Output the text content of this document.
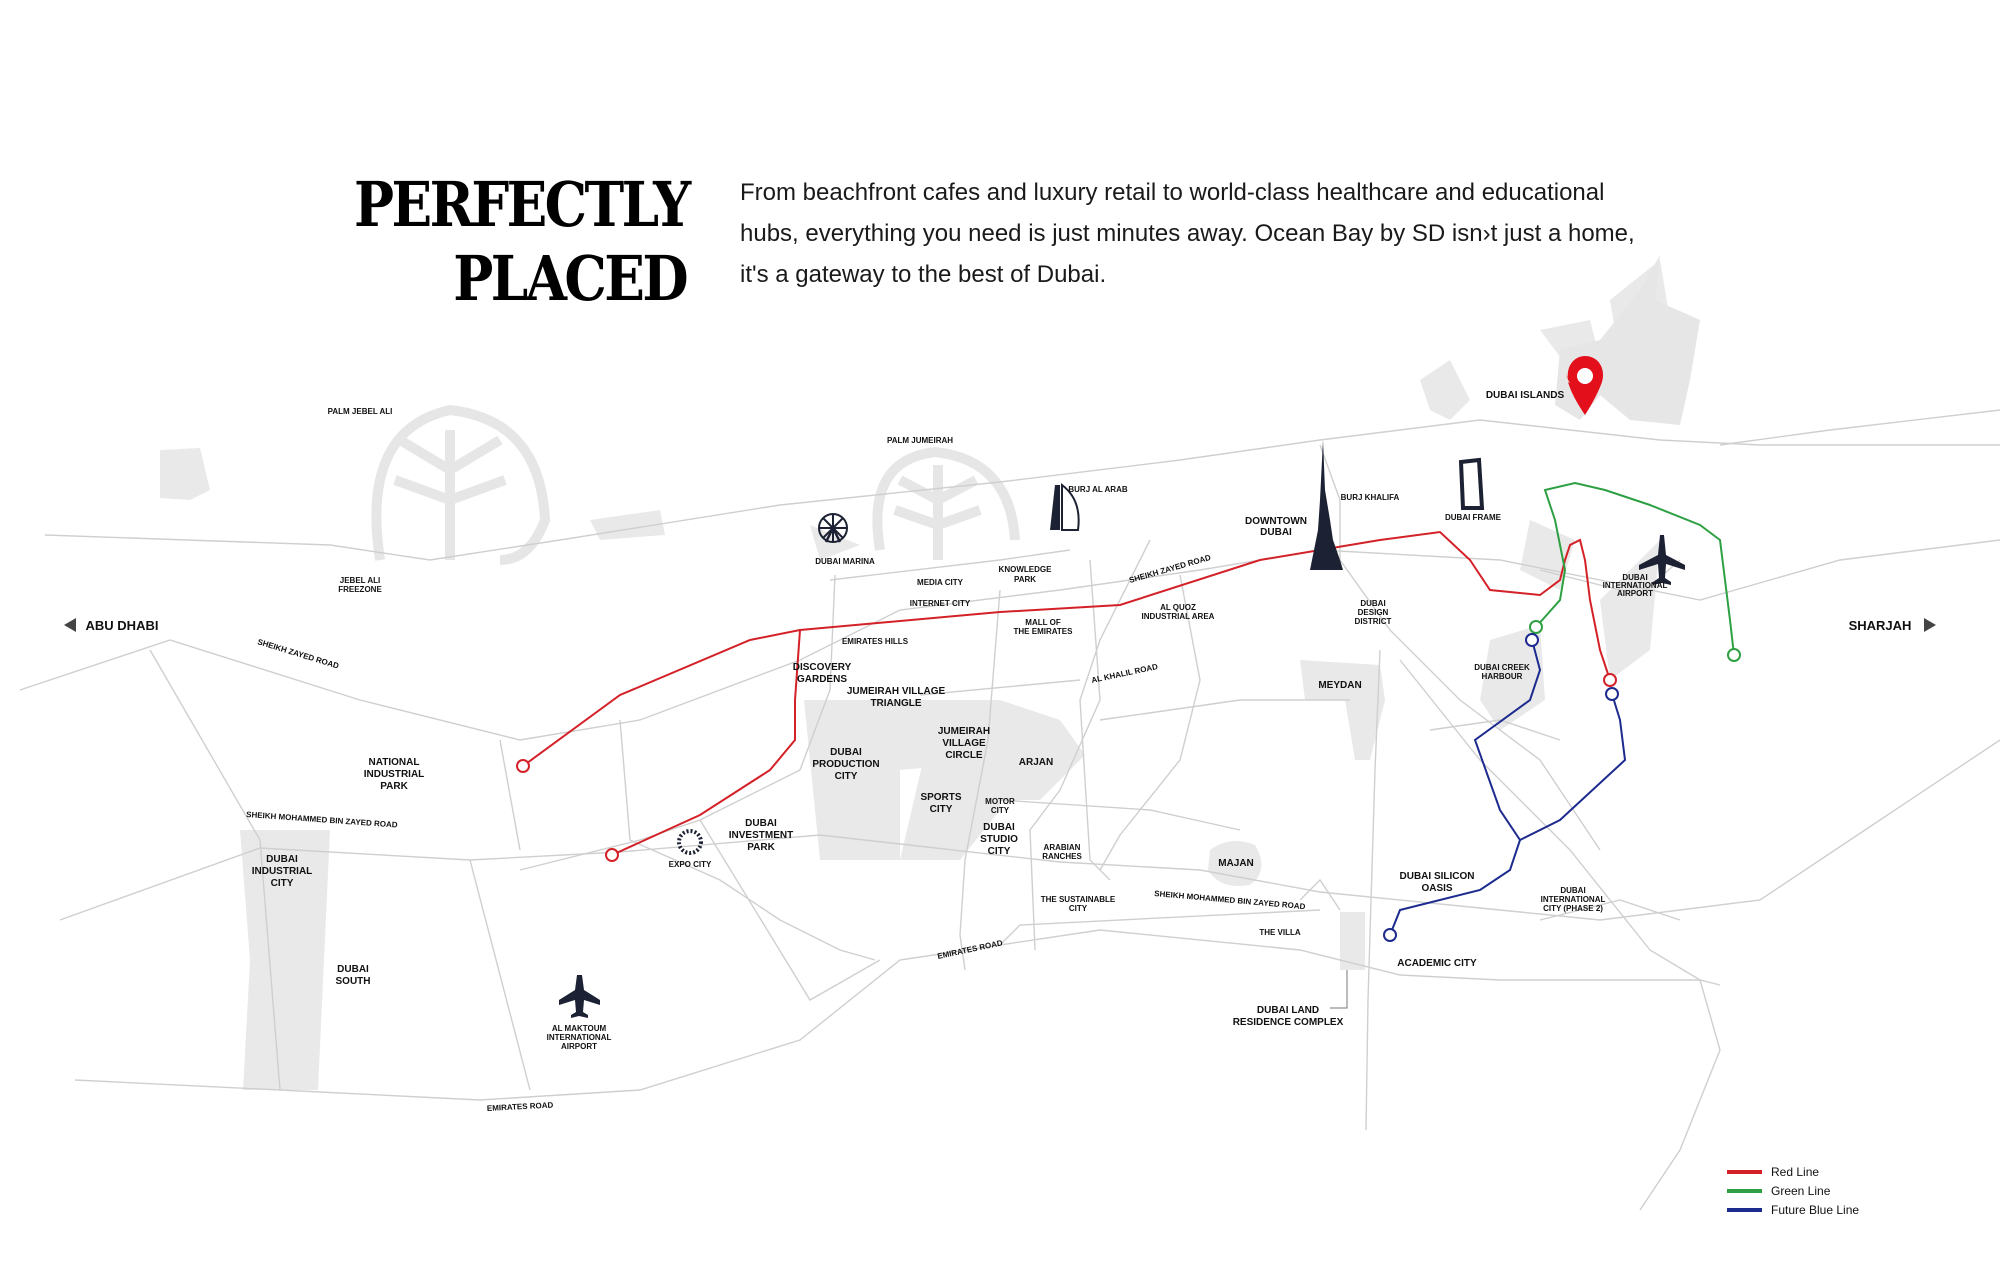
PERFECTLY
PLACED
From beachfront cafes and luxury retail to world-class healthcare and educational hubs, everything you need is just minutes away. Ocean Bay by SD isn›t just a home, it's a gateway to the best of Dubai.
ABU DHABI	SHARJAH
PALM JEBEL ALI
PALM JUMEIRAH
BURJ AL ARAB
DUBAI MARINA
KNOWLEDGE PARK
MEDIA CITY
INTERNET CITY
DOWNTOWN DUBAI
BURJ KHALIFA
DUBAI FRAME
DUBAI ISLANDS
DUBAI INTERNATIONAL AIRPORT
JEBEL ALI FREEZONE
EMIRATES HILLS
MALL OF THE EMIRATES
AL QUOZ INDUSTRIAL AREA
DUBAI DESIGN DISTRICT
DISCOVERY GARDENS
JUMEIRAH VILLAGE TRIANGLE
MEYDAN
DUBAI CREEK HARBOUR
NATIONAL INDUSTRIAL PARK
JUMEIRAH VILLAGE CIRCLE
ARJAN
DUBAI PRODUCTION CITY
SPORTS CITY
MOTOR CITY
DUBAI STUDIO CITY
DUBAI INVESTMENT PARK
EXPO CITY
ARABIAN RANCHES
MAJAN
DUBAI SILICON OASIS
DUBAI INDUSTRIAL CITY
THE SUSTAINABLE CITY
THE VILLA
ACADEMIC CITY
DUBAI INTERNATIONAL CITY (PHASE 2)
DUBAI SOUTH
AL MAKTOUM INTERNATIONAL AIRPORT
DUBAI LAND RESIDENCE COMPLEX
SHEIKH ZAYED ROAD
SHEIKH ZAYED ROAD
AL KHALIL ROAD
SHEIKH MOHAMMED BIN ZAYED ROAD
SHEIKH MOHAMMED BIN ZAYED ROAD
EMIRATES ROAD
EMIRATES ROAD
Red Line
Green Line
Future Blue Line
